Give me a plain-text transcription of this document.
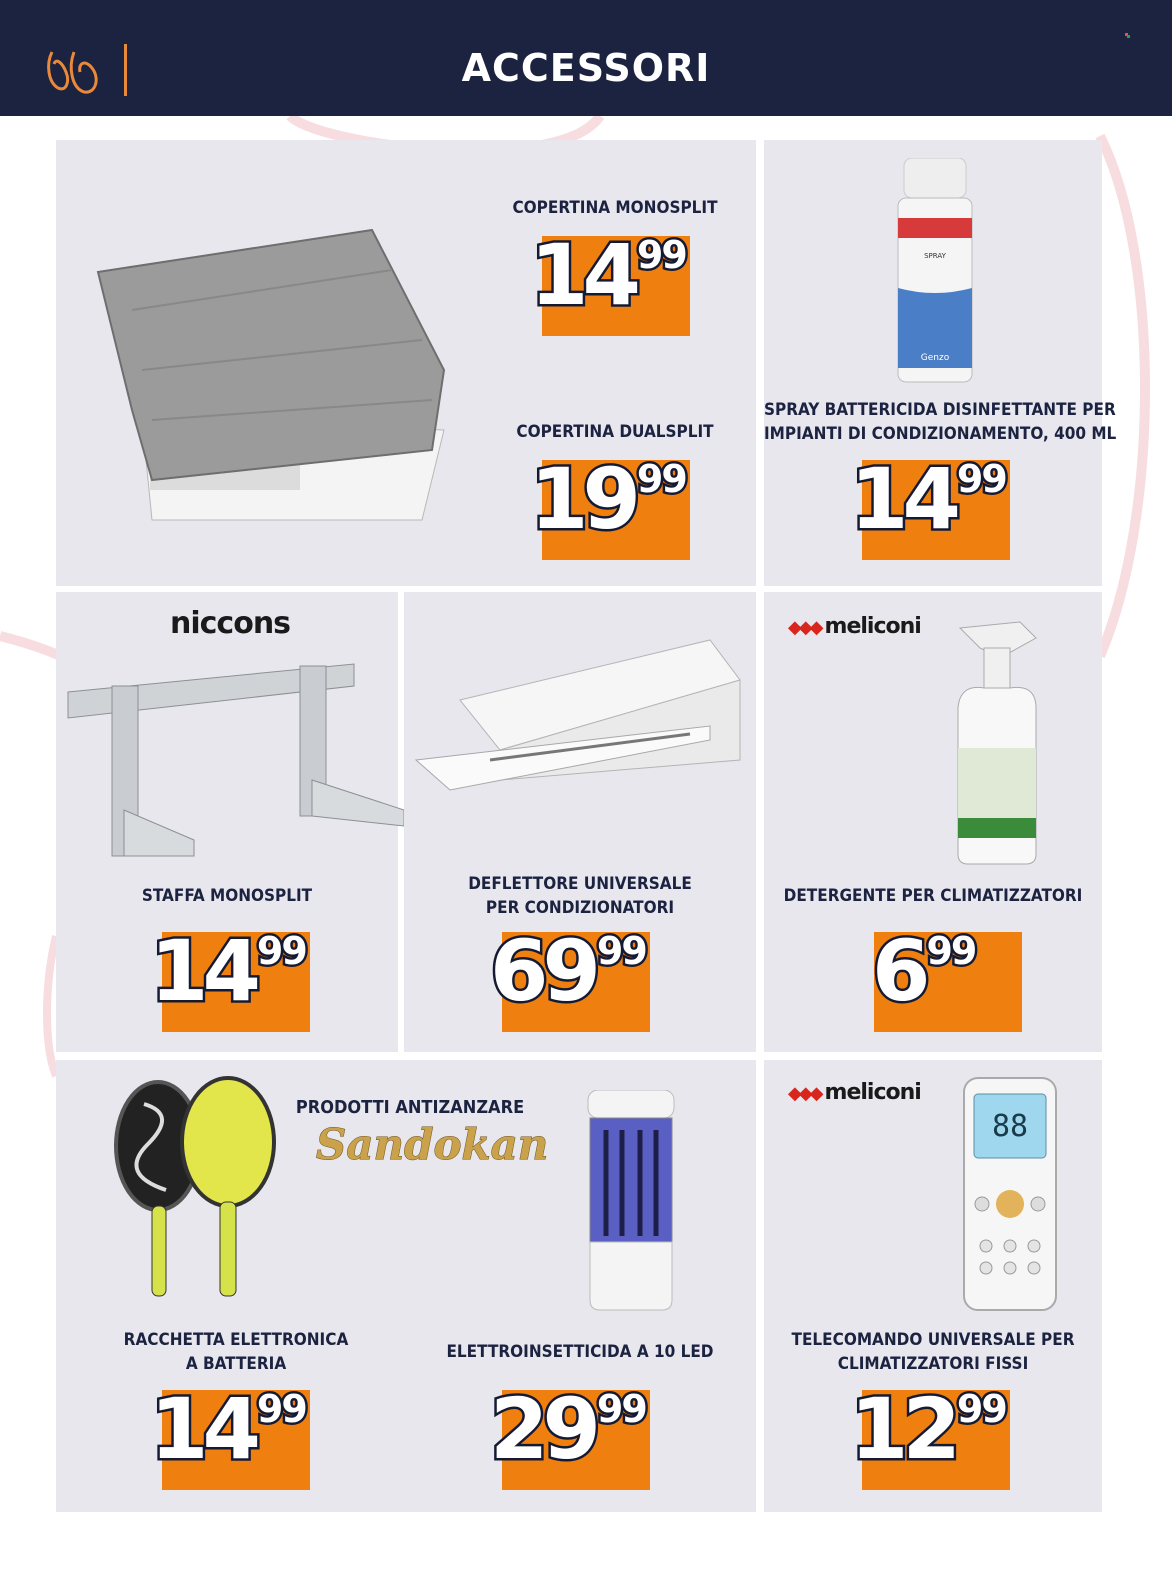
ACCESSORI
COPERTINA MONOSPLIT
1499
COPERTINA DUALSPLIT
1999
SPRAY
Genzo
SPRAY BATTERICIDA DISINFETTANTE PER
IMPIANTI DI CONDIZIONAMENTO, 400 ML
1499
niccons
STAFFA MONOSPLIT
1499
DEFLETTORE UNIVERSALE
PER CONDIZIONATORI
6999
◆◆◆ meliconi
DETERGENTE PER CLIMATIZZATORI
699
PRODOTTI ANTIZANZARE
Sandokan
RACCHETTA ELETTRONICA
A BATTERIA
1499
ELETTROINSETTICIDA A 10 LED
2999
◆◆◆ meliconi
88
TELECOMANDO UNIVERSALE PER
CLIMATIZZATORI FISSI
1299
